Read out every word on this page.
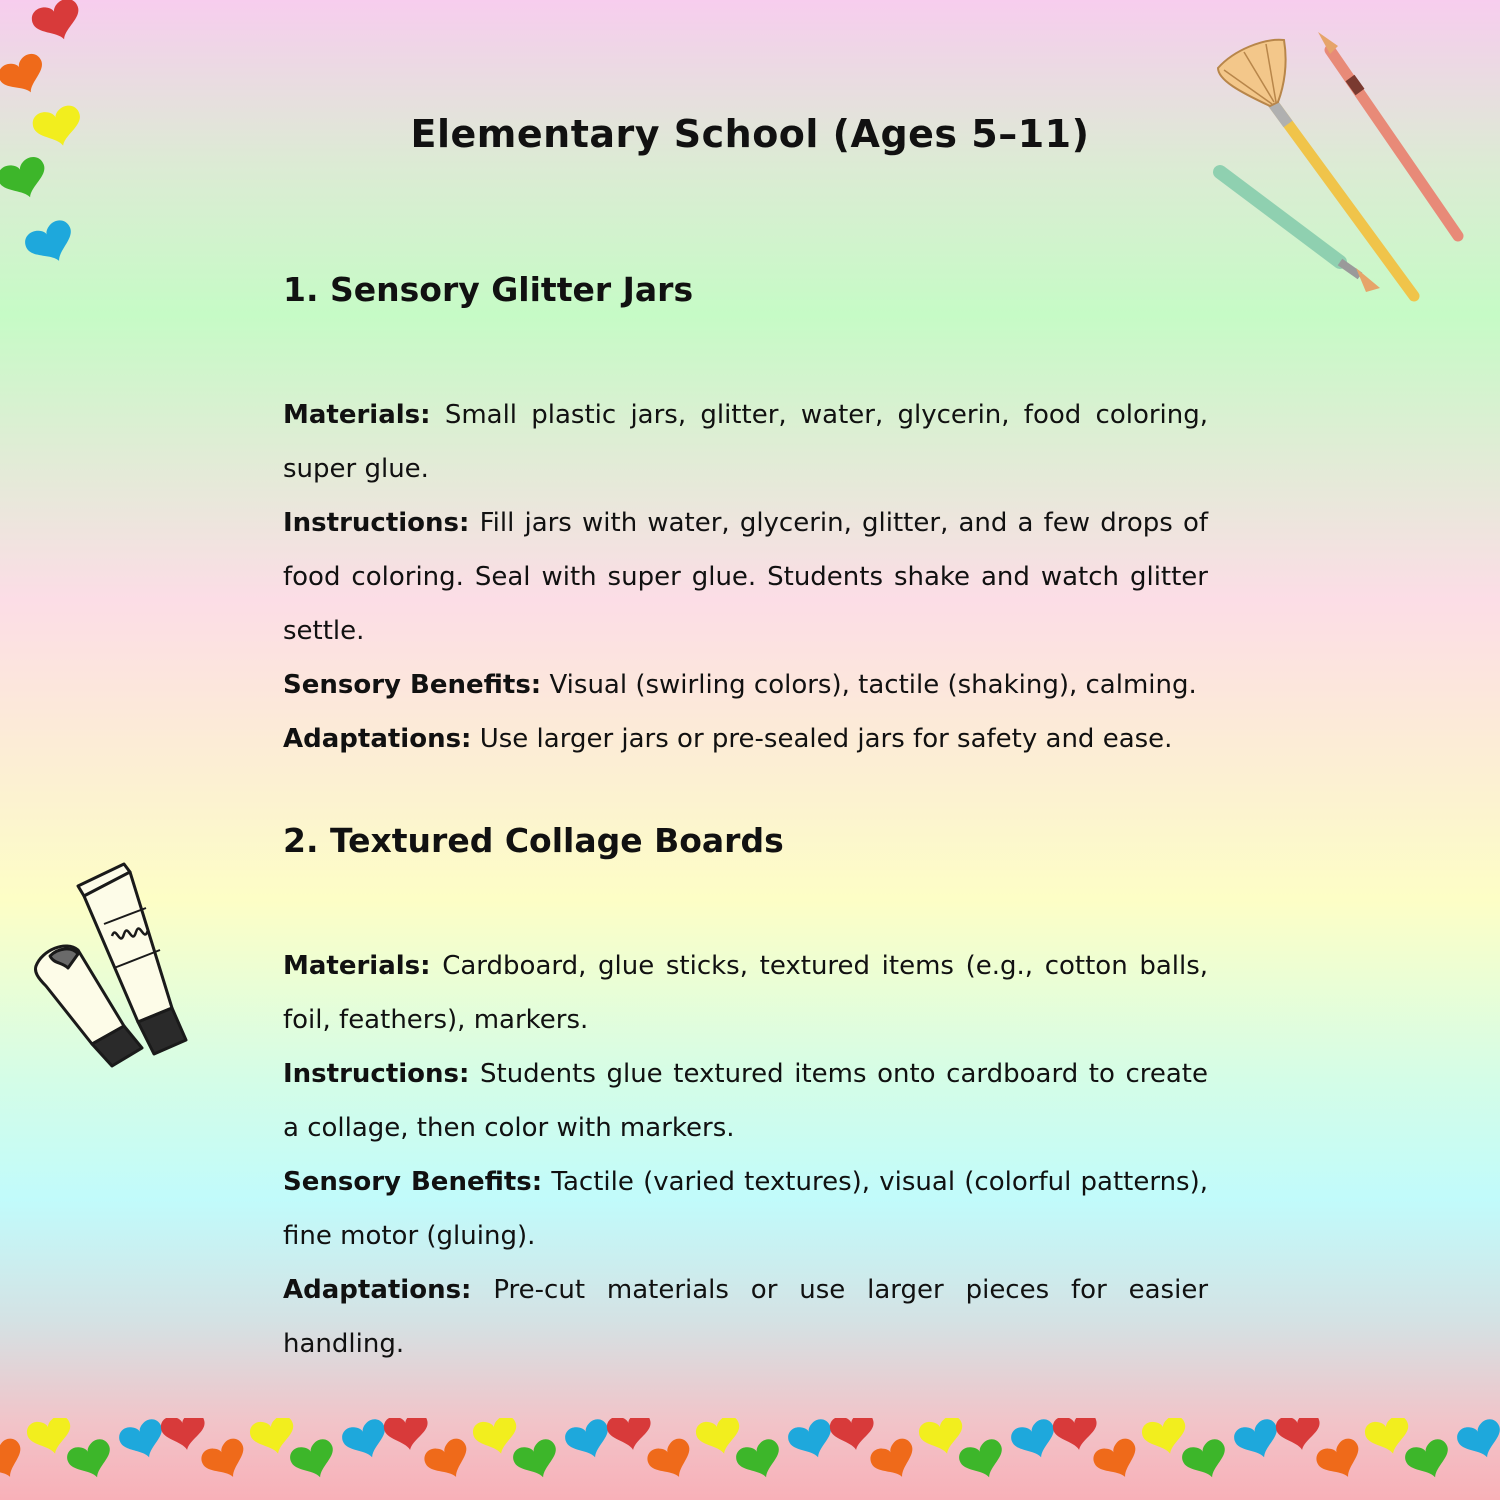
Elementary School (Ages 5–11)
1. Sensory Glitter Jars

Materials: Small plastic jars, glitter, water, glycerin, food coloring, super glue.

Instructions: Fill jars with water, glycerin, glitter, and a few drops of food coloring. Seal with super glue. Students shake and watch glitter settle.

Sensory Benefits: Visual (swirling colors), tactile (shaking), calming.

Adaptations: Use larger jars or pre-sealed jars for safety and ease.

2. Textured Collage Boards

Materials: Cardboard, glue sticks, textured items (e.g., cotton balls, foil, feathers), markers.

Instructions: Students glue textured items onto cardboard to create a collage, then color with markers.

Sensory Benefits: Tactile (varied textures), visual (colorful patterns), fine motor (gluing).

Adaptations: Pre-cut materials or use larger pieces for easier handling.
